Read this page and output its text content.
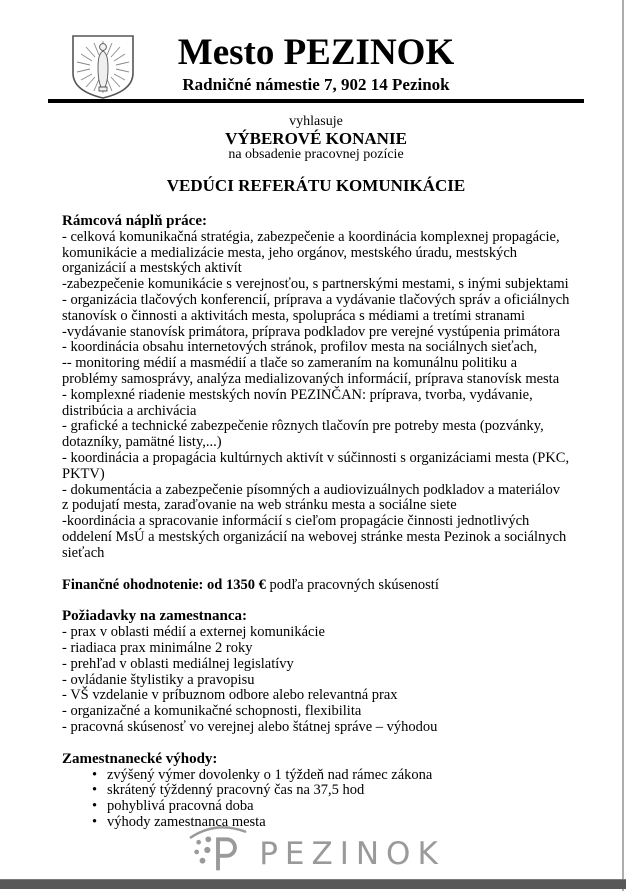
Mesto PEZINOK
Radničné námestie 7, 902 14 Pezinok
vyhlasuje
VÝBEROVÉ KONANIE
na obsadenie pracovnej pozície
VEDÚCI REFERÁTU KOMUNIKÁCIE
Rámcová náplň práce:

- celková komunikačná stratégia, zabezpečenie a koordinácia komplexnej propagácie, komunikácie a medializácie mesta, jeho orgánov, mestského úradu, mestských organizácií a mestských aktivít

-zabezpečenie komunikácie s verejnosťou, s partnerskými mestami, s inými subjektami

- organizácia tlačových konferencií, príprava a vydávanie tlačových správ a oficiálnych stanovísk o činnosti a aktivitách mesta, spolupráca s médiami a tretími stranami

-vydávanie stanovísk primátora, príprava podkladov pre verejné vystúpenia primátora

- koordinácia obsahu internetových stránok, profilov mesta na sociálnych sieťach,

-- monitoring médií a masmédií a tlače so zameraním na komunálnu politiku a problémy samosprávy, analýza medializovaných informácií, príprava stanovísk mesta

- komplexné riadenie mestských novín PEZINČAN: príprava, tvorba, vydávanie, distribúcia a archivácia

- grafické a technické zabezpečenie rôznych tlačovín pre potreby mesta (pozvánky, dotazníky, pamätné listy,...)

- koordinácia a propagácia kultúrnych aktivít v súčinnosti s organizáciami mesta (PKC, PKTV)

- dokumentácia a zabezpečenie písomných a audiovizuálnych podkladov a materiálov z podujatí mesta, zaraďovanie na web stránku mesta a sociálne siete

-koordinácia a spracovanie informácií s cieľom propagácie činnosti jednotlivých oddelení MsÚ a mestských organizácií na webovej stránke mesta Pezinok a sociálnych sieťach

Finančné ohodnotenie: od 1350 € podľa pracovných skúseností

Požiadavky na zamestnanca:

- prax v oblasti médií a externej komunikácie

- riadiaca prax minimálne 2 roky

- prehľad v oblasti mediálnej legislatívy

- ovládanie štylistiky a pravopisu

- VŠ vzdelanie v príbuznom odbore alebo relevantná prax

- organizačné a komunikačné schopnosti, flexibilita

- pracovná skúsenosť vo verejnej alebo štátnej správe – výhodou

Zamestnanecké výhody:
• zvýšený výmer dovolenky o 1 týždeň nad rámec zákona
• skrátený týždenný pracovný čas na 37,5 hod
• pohyblivá pracovná doba
• výhody zamestnanca mesta
PEZINOK
